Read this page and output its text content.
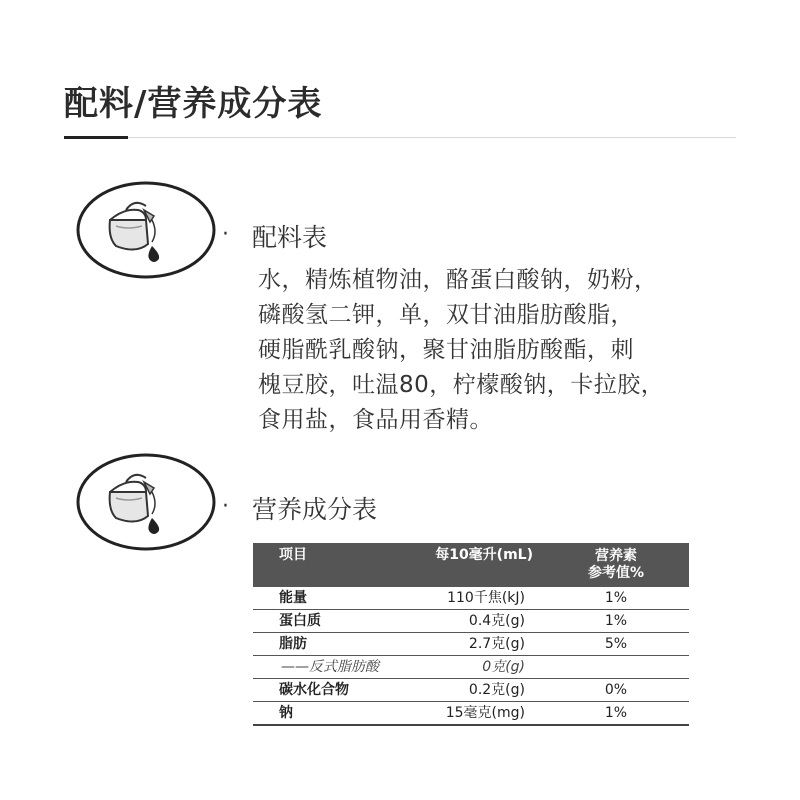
配料/营养成分表
· 配料表
水，精炼植物油，酪蛋白酸钠，奶粉，
磷酸氢二钾，单，双甘油脂肪酸脂，
硬脂酰乳酸钠，聚甘油脂肪酸酯，刺
槐豆胶，吐温80，柠檬酸钠，卡拉胶，
食用盐，食品用香精。
· 营养成分表
项目	每10毫升(mL)	营养素
参考值%

能量	110千焦(kJ)	1%
蛋白质	0.4克(g)	1%
脂肪	2.7克(g)	5%
——反式脂肪酸	0克(g)	
碳水化合物	0.2克(g)	0%
钠	15毫克(mg)	1%
